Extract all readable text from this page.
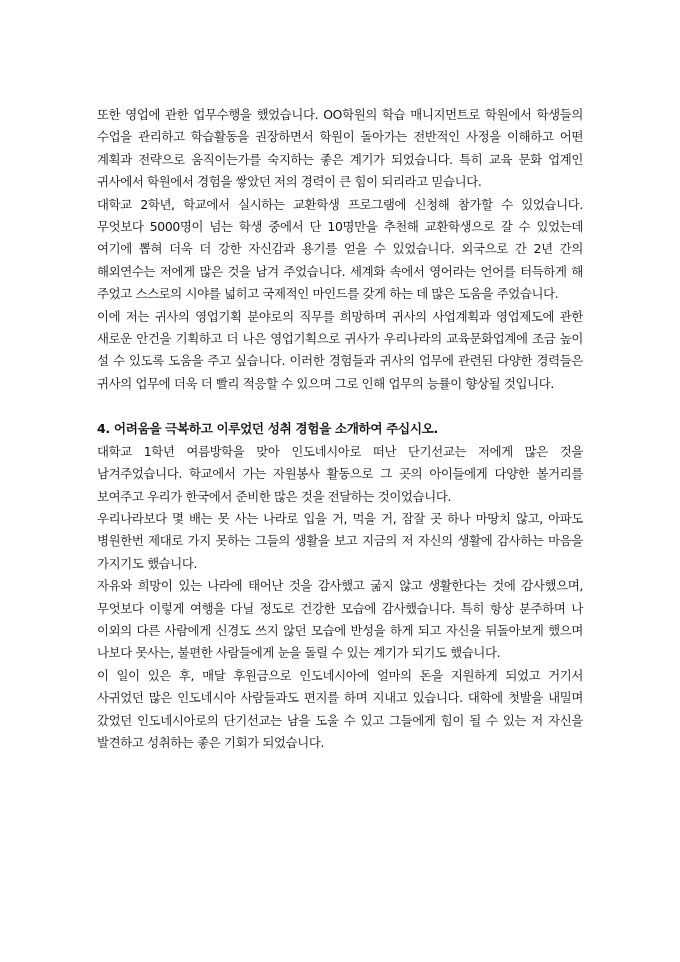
또한 영업에 관한 업무수행을 했었습니다. OO학원의 학습 매니지먼트로 학원에서 학생들의 수업을 관리하고 학습활동을 권장하면서 학원이 돌아가는 전반적인 사정을 이해하고 어떤 계획과 전략으로 움직이는가를 숙지하는 좋은 계기가 되었습니다. 특히 교육 문화 업계인 귀사에서 학원에서 경험을 쌓았던 저의 경력이 큰 힘이 되리라고 믿습니다.

대학교 2학년, 학교에서 실시하는 교환학생 프로그램에 신청해 참가할 수 있었습니다. 무엇보다 5000명이 넘는 학생 중에서 단 10명만을 추천해 교환학생으로 갈 수 있었는데 여기에 뽑혀 더욱 더 강한 자신감과 용기를 얻을 수 있었습니다. 외국으로 간 2년 간의 해외연수는 저에게 많은 것을 남겨 주었습니다. 세계화 속에서 영어라는 언어를 터득하게 해 주었고 스스로의 시야를 넓히고 국제적인 마인드를 갖게 하는 데 많은 도움을 주었습니다.

이에 저는 귀사의 영업기획 분야로의 직무를 희망하며 귀사의 사업계획과 영업제도에 관한 새로운 안건을 기획하고 더 나은 영업기획으로 귀사가 우리나라의 교육문화업계에 조금 높이 설 수 있도록 도움을 주고 싶습니다. 이러한 경험들과 귀사의 업무에 관련된 다양한 경력들은 귀사의 업무에 더욱 더 빨리 적응할 수 있으며 그로 인해 업무의 능률이 향상될 것입니다.

4. 어려움을 극복하고 이루었던 성취 경험을 소개하여 주십시오.

대학교 1학년 여름방학을 맞아 인도네시아로 떠난 단기선교는 저에게 많은 것을 남겨주었습니다. 학교에서 가는 자원봉사 활동으로 그 곳의 아이들에게 다양한 볼거리를 보여주고 우리가 한국에서 준비한 많은 것을 전달하는 것이었습니다.

우리나라보다 몇 배는 못 사는 나라로 입을 거, 먹을 거, 잠잘 곳 하나 마땅치 않고, 아파도 병원한번 제대로 가지 못하는 그들의 생활을 보고 지금의 저 자신의 생활에 감사하는 마음을 가지기도 했습니다.

자유와 희망이 있는 나라에 태어난 것을 감사했고 굶지 않고 생활한다는 것에 감사했으며, 무엇보다 이렇게 여행을 다닐 정도로 건강한 모습에 감사했습니다. 특히 항상 분주하며 나 이외의 다른 사람에게 신경도 쓰지 않던 모습에 반성을 하게 되고 자신을 뒤돌아보게 했으며 나보다 못사는, 불편한 사람들에게 눈을 돌릴 수 있는 계기가 되기도 했습니다.

이 일이 있은 후, 매달 후원금으로 인도네시아에 얼마의 돈을 지원하게 되었고 거기서 사귀었던 많은 인도네시아 사람들과도 편지를 하며 지내고 있습니다. 대학에 첫발을 내밀며 갔었던 인도네시아로의 단기선교는 남을 도울 수 있고 그들에게 힘이 될 수 있는 저 자신을 발견하고 성취하는 좋은 기회가 되었습니다.
